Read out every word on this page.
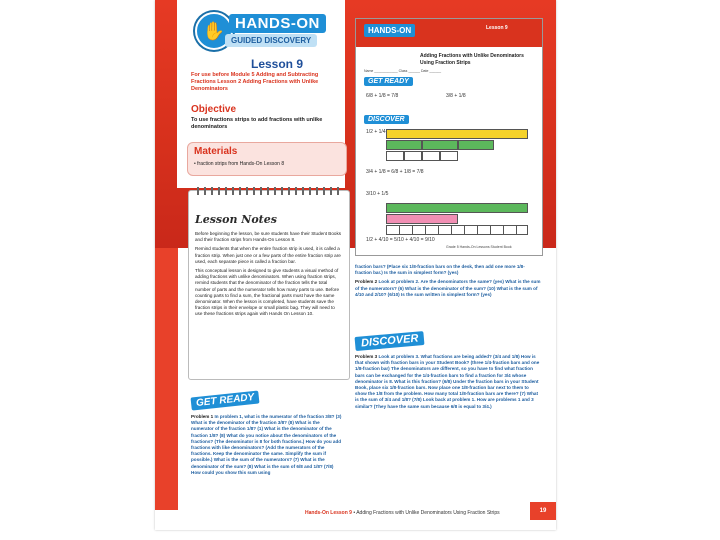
✋ HANDS-ON
GUIDED DISCOVERY
Lesson 9
For use before Module 5 Adding and Subtracting Fractions Lesson 2 Adding Fractions with Unlike Denominators
Objective
To use fractions strips to add fractions with unlike denominators
Materials
• fraction strips from Hands-On Lesson 8
Lesson Notes

Before beginning the lesson, be sure students have their Student Books and their fraction strips from Hands-On Lesson 8.

Remind students that when the entire fraction strip is used, it is called a fraction strip. When just one or a few parts of the entire fraction strip are used, each separate piece is called a fraction bar.

This conceptual lesson is designed to give students a visual method of adding fractions with unlike denominators. When using fraction strips, remind students that the denominator of the fraction tells the total number of parts and the numerator tells how many parts to use. Before counting parts to find a sum, the fractional parts must have the same denominator. When the lesson is completed, have students save the fraction strips in their envelope or small plastic bag. They will need to use these fractions strips again with Hands On Lesson 10.

GET READY
Problem 1 In problem 1, what is the numerator of the fraction 3/8? (3) What is the denominator of the fraction 3/8? (8) What is the numerator of the fraction 1/8? (1) What is the denominator of the fraction 1/8? (8) What do you notice about the denominators of the fractions? (The denominator is 8 for both fractions.) How do you add fractions with like denominators? (Add the numerators of the fractions. Keep the denominator the same. Simplify the sum if possible.) What is the sum of the numerators? (7) What is the denominator of the sum? (8) What is the sum of 6/8 and 1/8? (7/8) How could you show this sum using
HANDS-ON	Lesson 9
Adding Fractions with Unlike Denominators Using Fraction Strips
Name ____________ Class ______ Date ______
GET READY
6/8 + 1/8 = 7/8	3/8 + 1/8
DISCOVER
1/2 + 1/4
3/4 + 1/8 = 6/8 + 1/8 = 7/8
3/10 + 1/5
1/2 + 4/10 = 5/10 + 4/10 = 9/10
Grade 5 Hands-On Lessons Student Book

fraction bars? (Place six 1/8-fraction bars on the desk, then add one more 1/8-fraction bar.) Is the sum in simplest form? (yes)

Problem 2 Look at problem 2. Are the denominators the same? (yes) What is the sum of the numerators? (6) What is the denominator of the sum? (10) What is the sum of 4/10 and 2/10? (6/10) Is the sum written in simplest form? (yes)

DISCOVER
Problem 3 Look at problem 3. What fractions are being added? (3/4 and 1/8) How is that shown with fraction bars in your Student Book? (three 1/4-fraction bars and one 1/8-fraction bar) The denominators are different, so you have to find what fraction bars can be exchanged for the 1/4-fraction bars to find a fraction for 3/4 whose denominator is 8. What is this fraction? (6/8) Under the fraction bars in your Student Book, place six 1/8-fraction bars. Now place one 1/8-fraction bar next to them to show the 1/8 from the problem. How many total 1/8-fraction bars are there? (7) What is the sum of 3/4 and 1/8? (7/8) Look back at problem 1. How are problems 1 and 3 similar? (They have the same sum because 6/8 is equal to 3/4.)
Hands-On Lesson 9 • Adding Fractions with Unlike Denominators Using Fraction Strips	19
